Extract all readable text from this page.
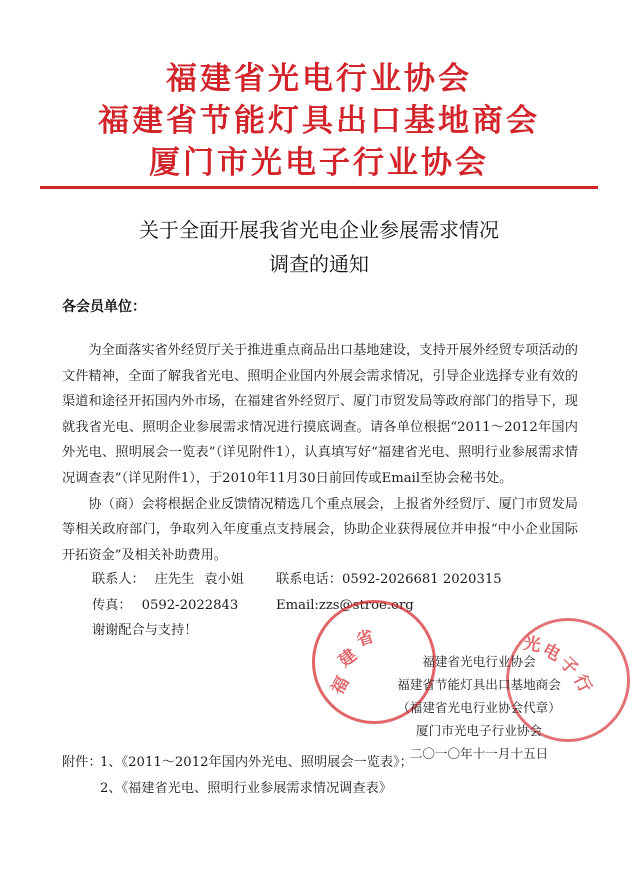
福建省光电行业协会
福建省节能灯具出口基地商会
厦门市光电子行业协会
关于全面开展我省光电企业参展需求情况
调查的通知
各会员单位：

为全面落实省外经贸厅关于推进重点商品出口基地建设，支持开展外经贸专项活动的文件精神，全面了解我省光电、照明企业国内外展会需求情况，引导企业选择专业有效的渠道和途径开拓国内外市场，在福建省外经贸厅、厦门市贸发局等政府部门的指导下，现就我省光电、照明企业参展需求情况进行摸底调查。请各单位根据“2011～2012年国内外光电、照明展会一览表”（详见附件1），认真填写好“福建省光电、照明行业参展需求情况调查表”（详见附件1），于2010年11月30日前回传或Email至协会秘书处。

协（商）会将根据企业反馈情况精选几个重点展会，上报省外经贸厅、厦门市贸发局等相关政府部门，争取列入年度重点支持展会，协助企业获得展位并申报“中小企业国际开拓资金”及相关补助费用。

联系人： 庄先生 袁小姐	联系电话：0592-2026681 2020315
传真： 0592-2022843	Email:zzs@stroe.org
谢谢配合与支持！
福
建
省	光
电
子
行
福建省光电行业协会
福建省节能灯具出口基地商会
（福建省光电行业协会代章）
厦门市光电子行业协会
二〇一〇年十一月十五日
附件：1、《2011～2012年国内外光电、照明展会一览表》；
2、《福建省光电、照明行业参展需求情况调查表》
